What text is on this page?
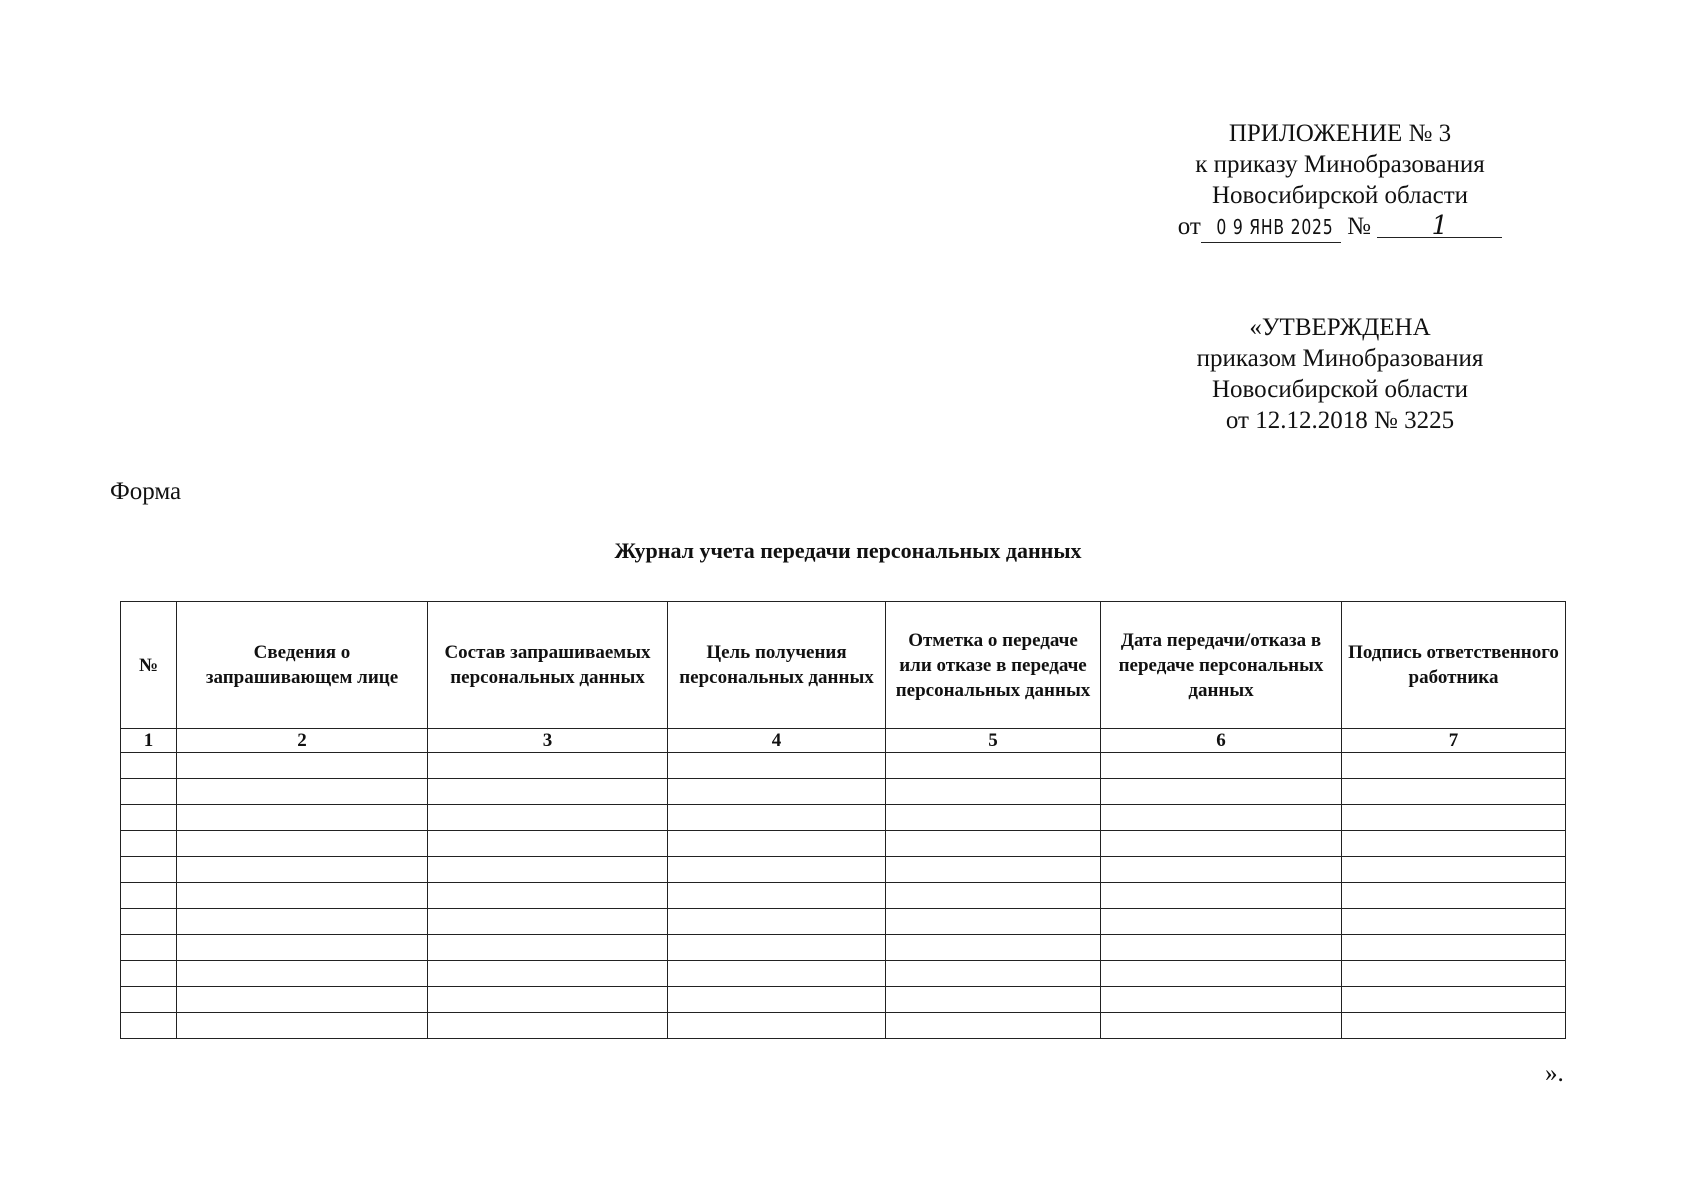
ПРИЛОЖЕНИЕ № 3
к приказу Минобразования
Новосибирской области
от 0 9 ЯНВ 2025 № 1
«УТВЕРЖДЕНА
приказом Минобразования
Новосибирской области
от 12.12.2018 № 3225
Форма
Журнал учета передачи персональных данных
№	Сведения о запрашивающем лице	Состав запрашиваемых персональных данных	Цель получения персональных данных	Отметка о передаче или отказе в передаче персональных данных	Дата передачи/отказа в передаче персональных данных	Подпись ответственного работника
1	2	3	4	5	6	7

».
